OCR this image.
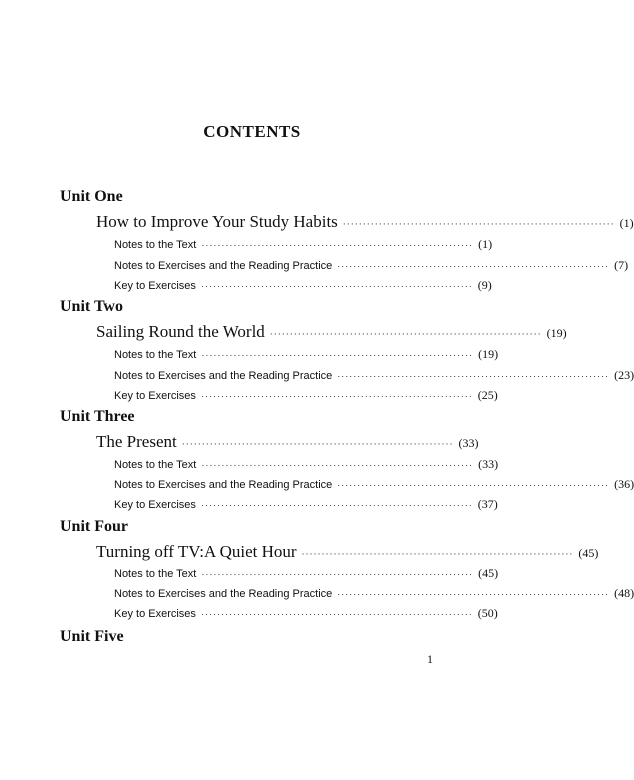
CONTENTS
Unit One
How to Improve Your Study Habits ···································································· (1)
Notes to the Text ···································································· (1)
Notes to Exercises and the Reading Practice ···································································· (7)
Key to Exercises ···································································· (9)
Unit Two
Sailing Round the World ···································································· (19)
Notes to the Text ···································································· (19)
Notes to Exercises and the Reading Practice ···································································· (23)
Key to Exercises ···································································· (25)
Unit Three
The Present ···································································· (33)
Notes to the Text ···································································· (33)
Notes to Exercises and the Reading Practice ···································································· (36)
Key to Exercises ···································································· (37)
Unit Four
Turning off TV:A Quiet Hour ···································································· (45)
Notes to the Text ···································································· (45)
Notes to Exercises and the Reading Practice ···································································· (48)
Key to Exercises ···································································· (50)
Unit Five
1
